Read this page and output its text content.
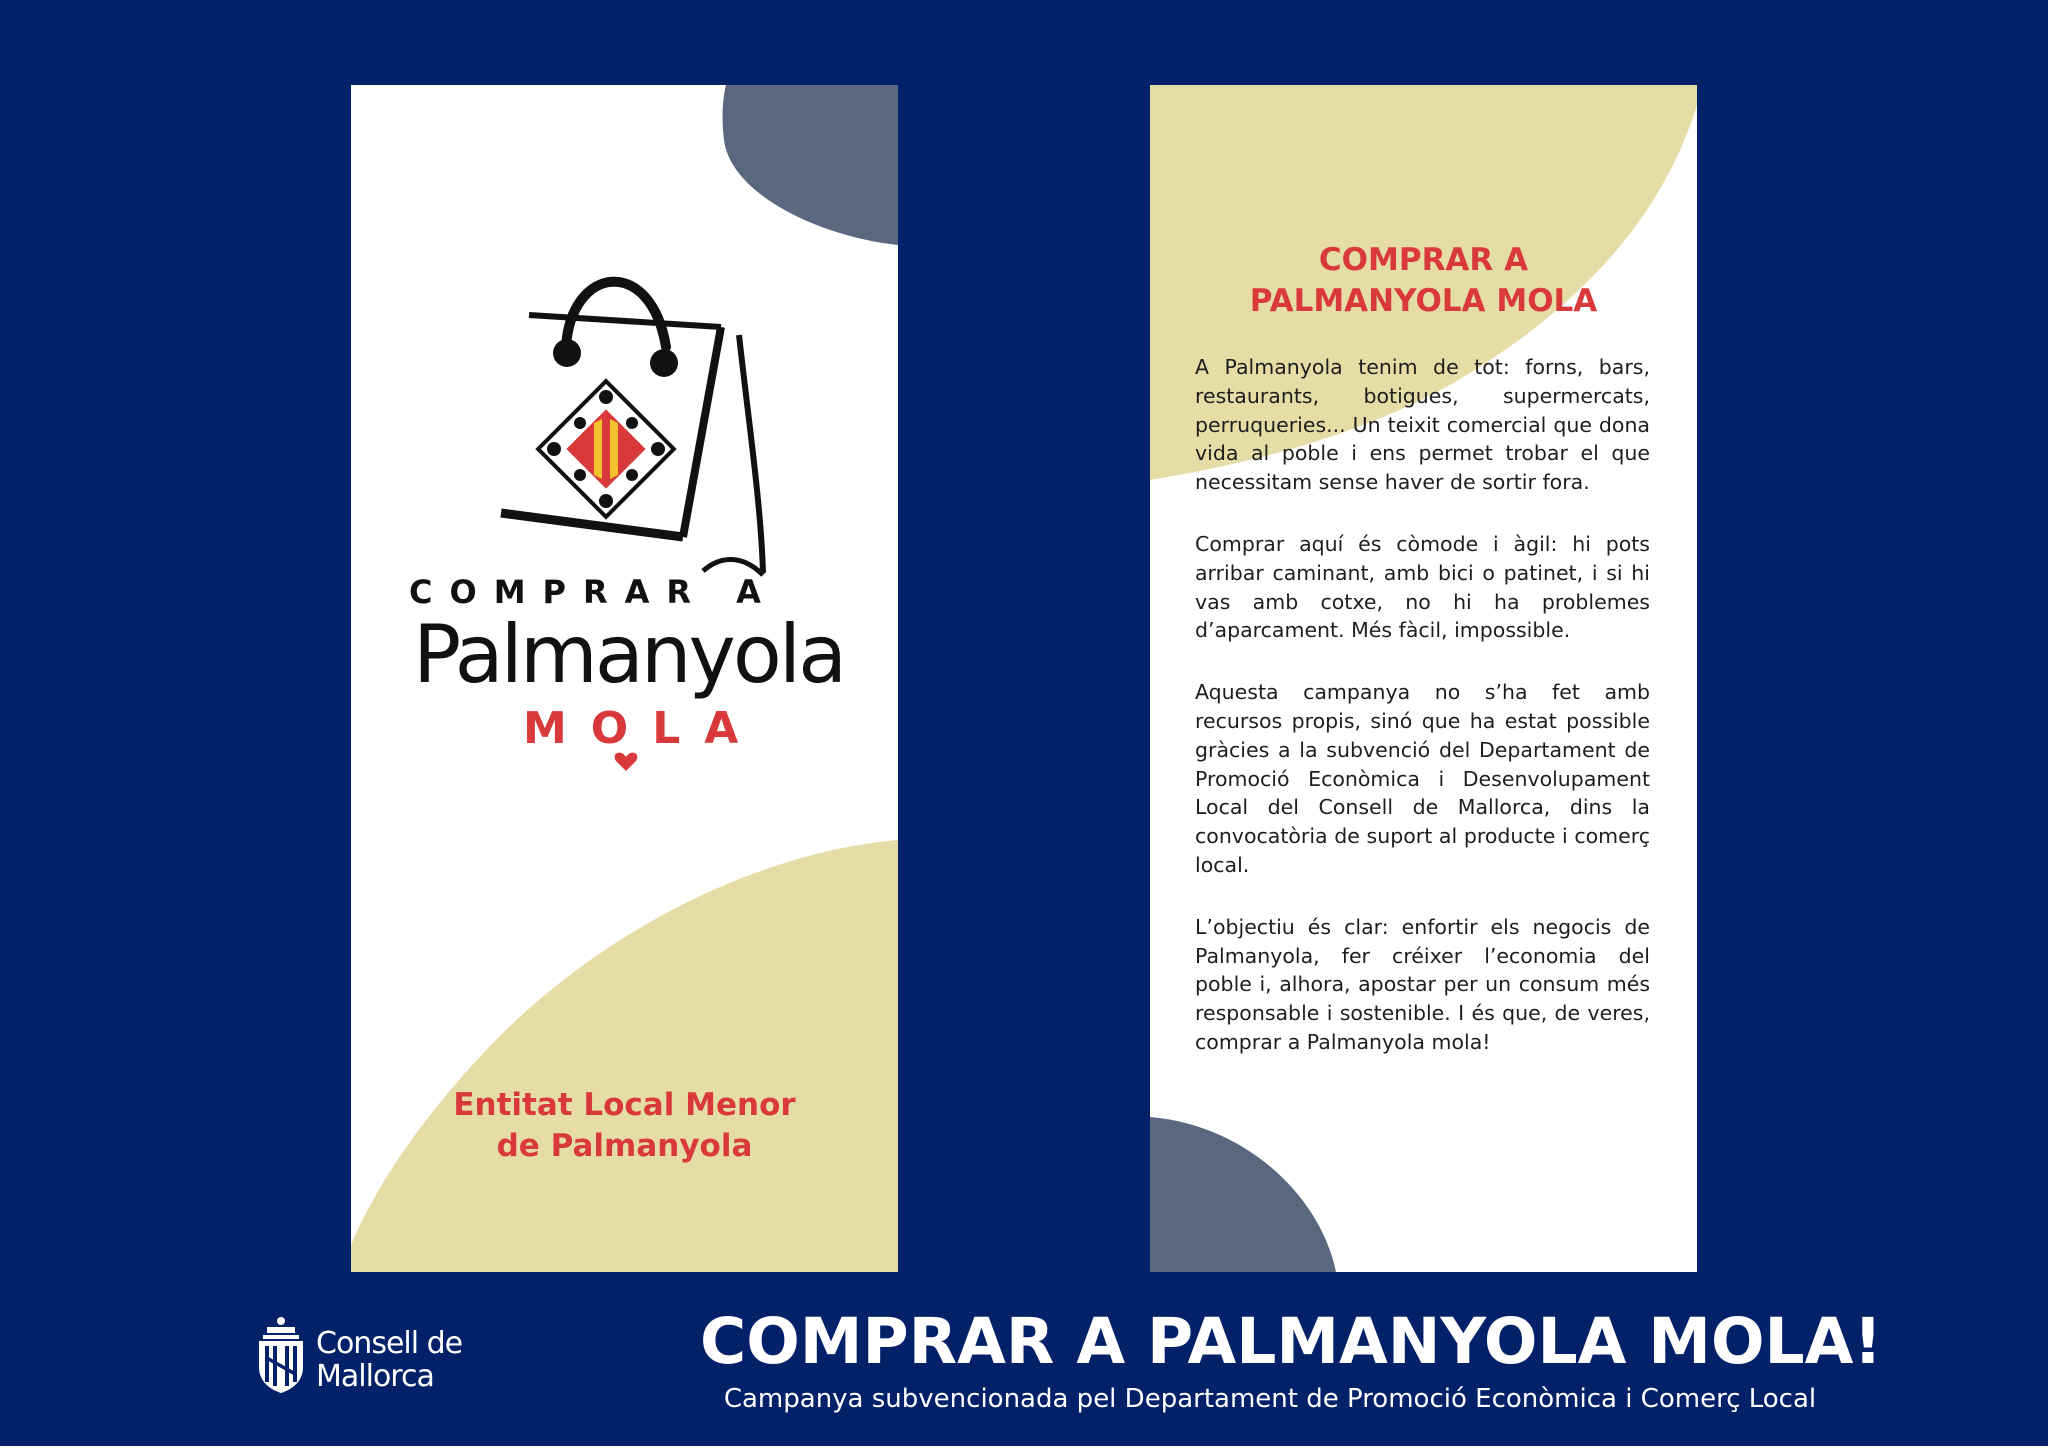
COMPRAR A
Palmanyola
MOLA
Entitat Local Menor
de Palmanyola
COMPRAR A
PALMANYOLA MOLA

A Palmanyola tenim de tot: forns, bars, restaurants, botigues, supermercats, perruqueries... Un teixit comercial que dona vida al poble i ens permet trobar el que necessitam sense haver de sortir fora.

Comprar aquí és còmode i àgil: hi pots arribar caminant, amb bici o patinet, i si hi vas amb cotxe, no hi ha problemes d’aparcament. Més fàcil, impossible.

Aquesta campanya no s’ha fet amb recursos propis, sinó que ha estat possible gràcies a la subvenció del Departament de Promoció Econòmica i Desenvolupament Local del Consell de Mallorca, dins la convocatòria de suport al producte i comerç local.

L’objectiu és clar: enfortir els negocis de Palmanyola, fer créixer l’economia del poble i, alhora, apostar per un consum més responsable i sostenible. I és que, de veres, comprar a Palmanyola mola!

Consell de
Mallorca	COMPRAR A PALMANYOLA MOLA!
Campanya subvencionada pel Departament de Promoció Econòmica i Comerç Local
